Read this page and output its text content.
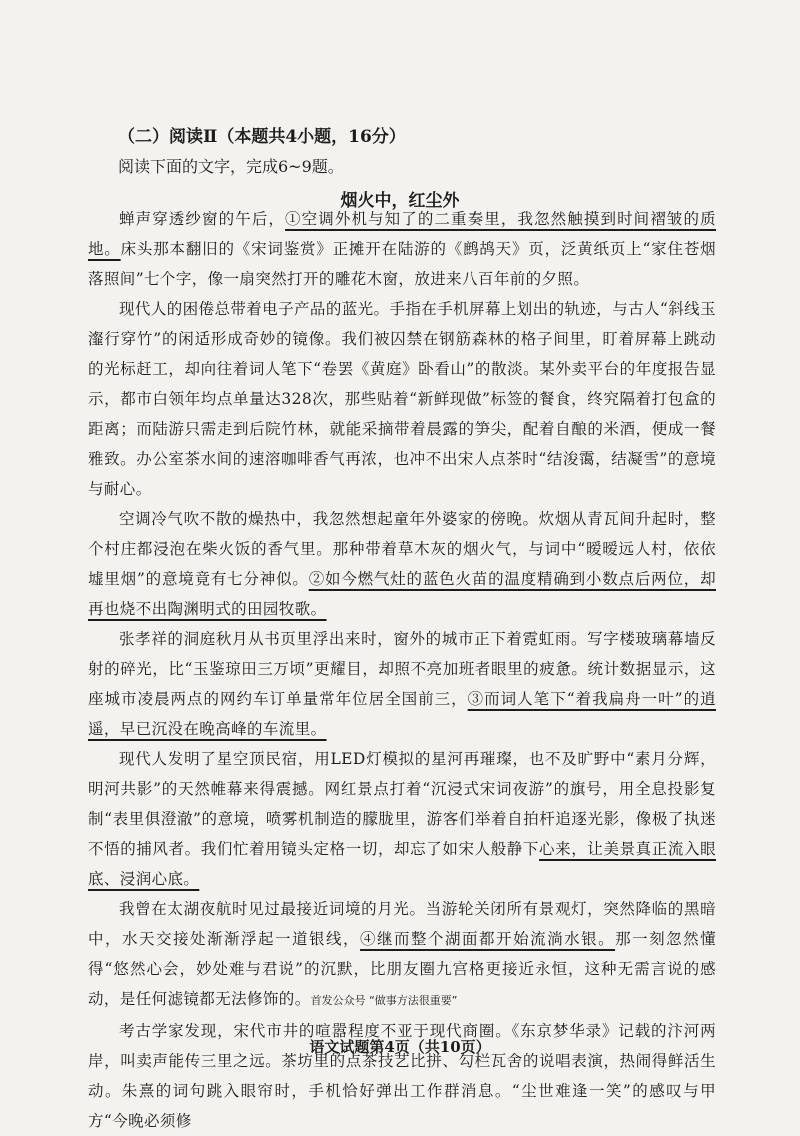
（二）阅读Ⅱ（本题共4小题，16分）
阅读下面的文字，完成6~9题。
烟火中，红尘外

蝉声穿透纱窗的午后，①空调外机与知了的二重奏里，我忽然触摸到时间褶皱的质地。床头那本翻旧的《宋词鉴赏》正摊开在陆游的《鹧鸪天》页，泛黄纸页上“家住苍烟落照间”七个字，像一扇突然打开的雕花木窗，放进来八百年前的夕照。

现代人的困倦总带着电子产品的蓝光。手指在手机屏幕上划出的轨迹，与古人“斜线玉瀣行穿竹”的闲适形成奇妙的镜像。我们被囚禁在钢筋森林的格子间里，盯着屏幕上跳动的光标赶工，却向往着词人笔下“卷罢《黄庭》卧看山”的散淡。某外卖平台的年度报告显示，都市白领年均点单量达328次，那些贴着“新鲜现做”标签的餐食，终究隔着打包盒的距离；而陆游只需走到后院竹林，就能采摘带着晨露的笋尖，配着自酿的米酒，便成一餐雅致。办公室茶水间的速溶咖啡香气再浓，也冲不出宋人点茶时“结浚霭，结凝雪”的意境与耐心。

空调冷气吹不散的燥热中，我忽然想起童年外婆家的傍晚。炊烟从青瓦间升起时，整个村庄都浸泡在柴火饭的香气里。那种带着草木灰的烟火气，与词中“暧暧远人村，依依墟里烟”的意境竟有七分神似。②如今燃气灶的蓝色火苗的温度精确到小数点后两位，却再也烧不出陶渊明式的田园牧歌。

张孝祥的洞庭秋月从书页里浮出来时，窗外的城市正下着霓虹雨。写字楼玻璃幕墙反射的碎光，比“玉鉴琼田三万顷”更耀目，却照不亮加班者眼里的疲惫。统计数据显示，这座城市凌晨两点的网约车订单量常年位居全国前三，③而词人笔下“着我扁舟一叶”的逍遥，早已沉没在晚高峰的车流里。

现代人发明了星空顶民宿，用LED灯模拟的星河再璀璨，也不及旷野中“素月分辉，明河共影”的天然帷幕来得震撼。网红景点打着“沉浸式宋词夜游”的旗号，用全息投影复制“表里俱澄澈”的意境，喷雾机制造的朦胧里，游客们举着自拍杆追逐光影，像极了执迷不悟的捕风者。我们忙着用镜头定格一切，却忘了如宋人般静下心来，让美景真正流入眼底、浸润心底。

我曾在太湖夜航时见过最接近词境的月光。当游轮关闭所有景观灯，突然降临的黑暗中，水天交接处渐渐浮起一道银线，④继而整个湖面都开始流淌水银。那一刻忽然懂得“悠然心会，妙处难与君说”的沉默，比朋友圈九宫格更接近永恒，这种无需言说的感动，是任何滤镜都无法修饰的。首发公众号 “做事方法很重要”

考古学家发现，宋代市井的喧嚣程度不亚于现代商圈。《东京梦华录》记载的汴河两岸，叫卖声能传三里之远。茶坊里的点茶技艺比拼、勾栏瓦舍的说唱表演，热闹得鲜活生动。朱熹的词句跳入眼帘时，手机恰好弹出工作群消息。“尘世难逢一笑”的感叹与甲方“今晚必须修

语文试题第4页（共10页）
